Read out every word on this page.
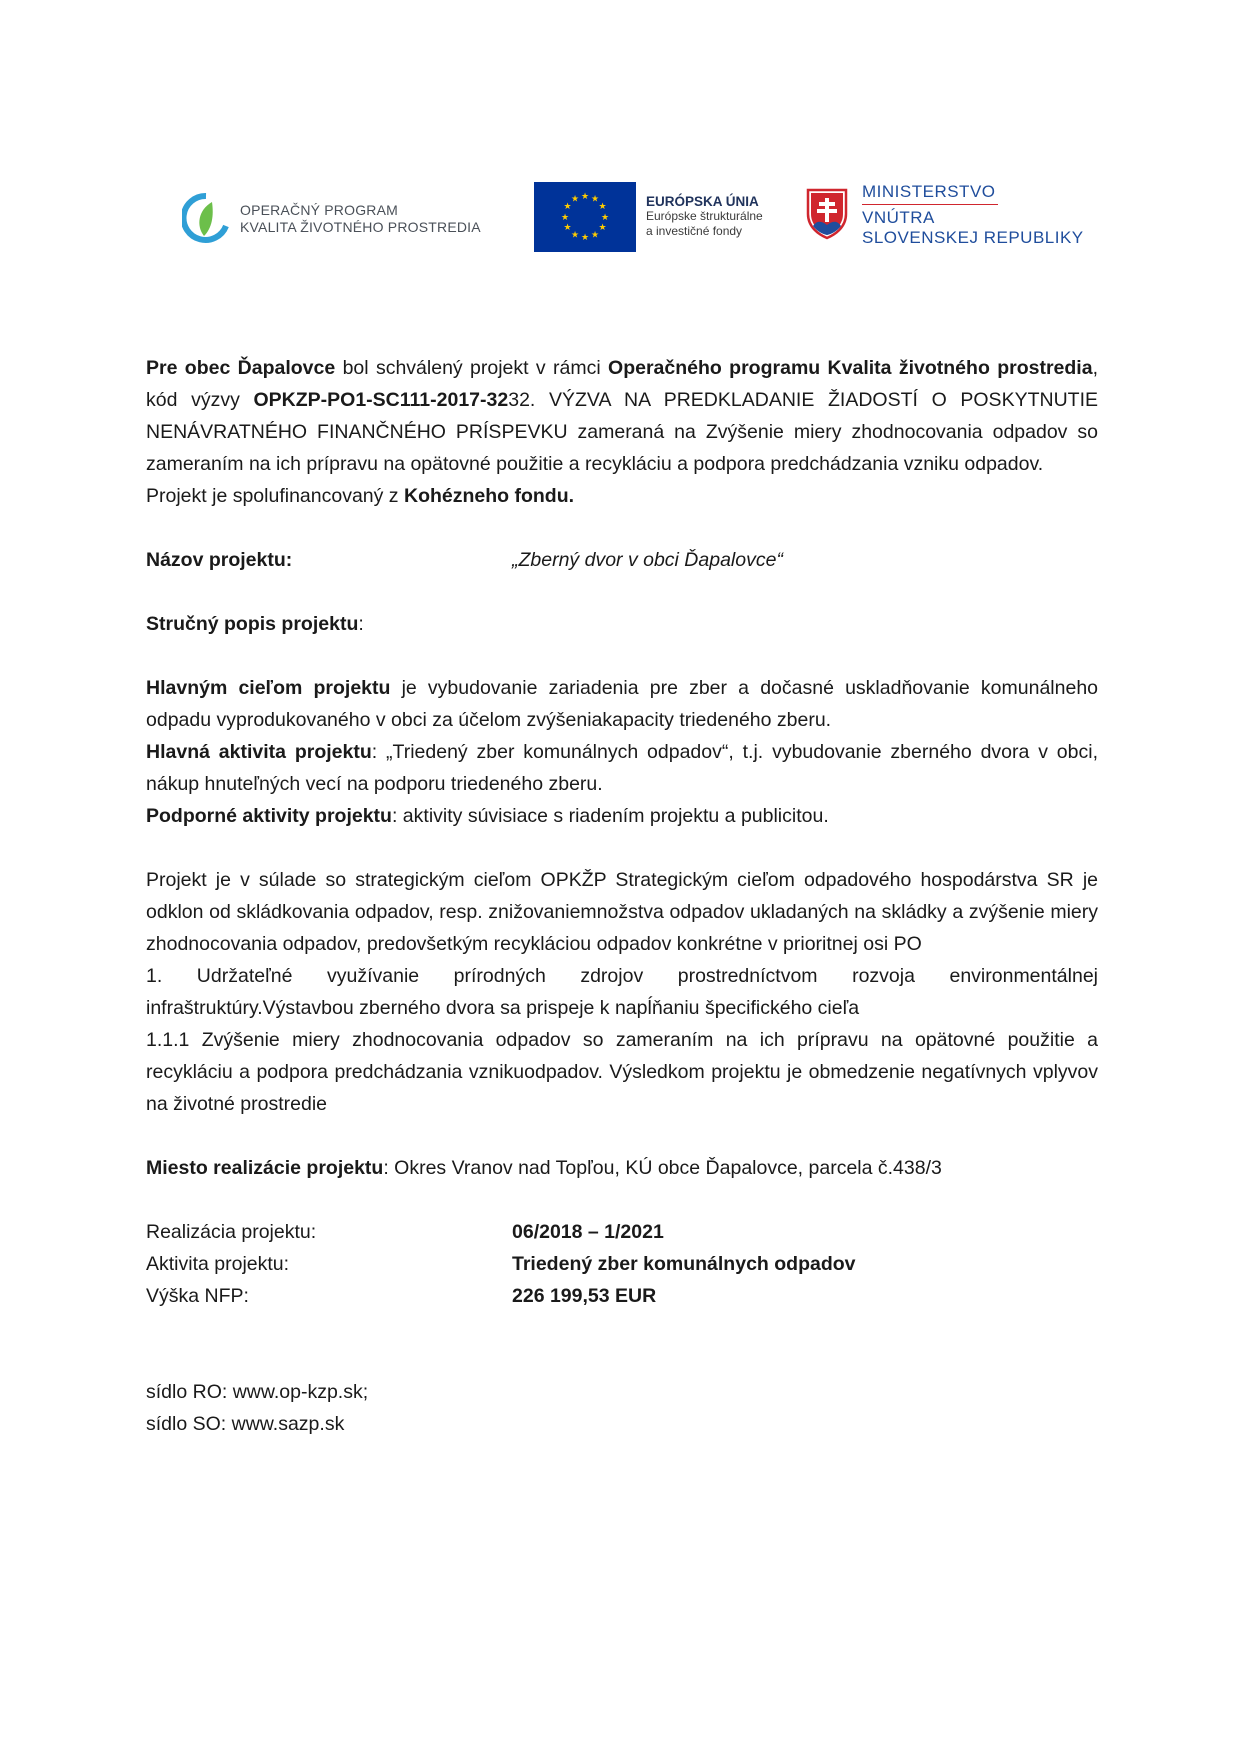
OPERAČNÝ PROGRAM
KVALITA ŽIVOTNÉHO PROSTREDIA
★ ★
★
★
★
★
★
★
★
★
★
★	EURÓPSKA ÚNIA
Európske štrukturálne
a investičné fondy
MINISTERSTVO
VNÚTRA
SLOVENSKEJ REPUBLIKY

Pre obec Ďapalovce bol schválený projekt v rámci Operačného programu Kvalita životného prostredia, kód výzvy OPKZP-PO1-SC111-2017-3232. VÝZVA NA PREDKLADANIE ŽIADOSTÍ O POSKYTNUTIE NENÁVRATNÉHO FINANČNÉHO PRÍSPEVKU zameraná na Zvýšenie miery zhodnocovania odpadov so zameraním na ich prípravu na opätovné použitie a recykláciu a podpora predchádzania vzniku odpadov.

Projekt je spolufinancovaný z Kohézneho fondu.

Názov projektu:	„Zberný dvor v obci Ďapalovce“

Stručný popis projektu:

Hlavným cieľom projektu je vybudovanie zariadenia pre zber a dočasné uskladňovanie komunálneho odpadu vyprodukovaného v obci za účelom zvýšeniakapacity triedeného zberu.

Hlavná aktivita projektu: „Triedený zber komunálnych odpadov“, t.j. vybudovanie zberného dvora v obci, nákup hnuteľných vecí na podporu triedeného zberu.

Podporné aktivity projektu: aktivity súvisiace s riadením projektu a publicitou.

Projekt je v súlade so strategickým cieľom OPKŽP Strategickým cieľom odpadového hospodárstva SR je odklon od skládkovania odpadov, resp. znižovaniemnožstva odpadov ukladaných na skládky a zvýšenie miery zhodnocovania odpadov, predovšetkým recykláciou odpadov konkrétne v prioritnej osi PO

1. Udržateľné využívanie prírodných zdrojov prostredníctvom rozvoja environmentálnej infraštruktúry.Výstavbou zberného dvora sa prispeje k napĺňaniu špecifického cieľa

1.1.1 Zvýšenie miery zhodnocovania odpadov so zameraním na ich prípravu na opätovné použitie a recykláciu a podpora predchádzania vznikuodpadov. Výsledkom projektu je obmedzenie negatívnych vplyvov na životné prostredie

Miesto realizácie projektu: Okres Vranov nad Topľou, KÚ obce Ďapalovce, parcela č.438/3

Realizácia projektu:	06/2018 – 1/2021
Aktivita projektu:	Triedený zber komunálnych odpadov
Výška NFP:	226 199,53 EUR

sídlo RO: www.op-kzp.sk;

sídlo SO: www.sazp.sk
